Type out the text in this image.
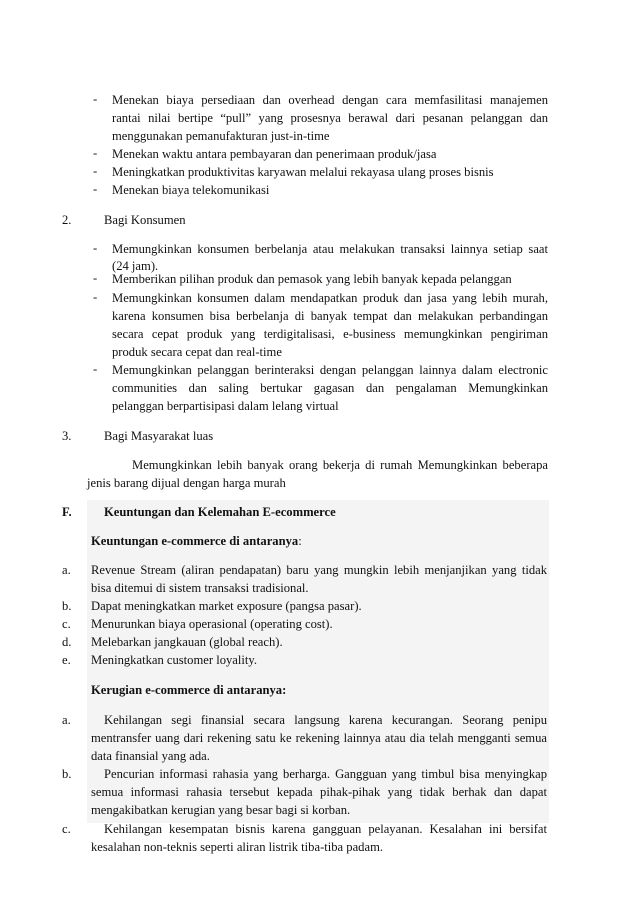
- Menekan biaya persediaan dan overhead dengan cara memfasilitasi manajemen
rantai nilai bertipe “pull” yang prosesnya berawal dari pesanan pelanggan dan
menggunakan pemanufakturan just-in-time
- Menekan waktu antara pembayaran dan penerimaan produk/jasa
- Meningkatkan produktivitas karyawan melalui rekayasa ulang proses bisnis
- Menekan biaya telekomunikasi
2.	Bagi Konsumen
- Memungkinkan konsumen berbelanja atau melakukan transaksi lainnya setiap saat
(24 jam).
- Memberikan pilihan produk dan pemasok yang lebih banyak kepada pelanggan
- Memungkinkan konsumen dalam mendapatkan produk dan jasa yang lebih murah,
karena konsumen bisa berbelanja di banyak tempat dan melakukan perbandingan
secara cepat produk yang terdigitalisasi, e-business memungkinkan pengiriman
produk secara cepat dan real-time
- Memungkinkan pelanggan berinteraksi dengan pelanggan lainnya dalam electronic
communities dan saling bertukar gagasan dan pengalaman Memungkinkan
pelanggan berpartisipasi dalam lelang virtual
3.	Bagi Masyarakat luas
Memungkinkan lebih banyak orang bekerja di rumah Memungkinkan beberapa
jenis barang dijual dengan harga murah
F.	Keuntungan dan Kelemahan E-ecommerce
Keuntungan e-commerce di antaranya:
a. Revenue Stream (aliran pendapatan) baru yang mungkin lebih menjanjikan yang tidak
bisa ditemui di sistem transaksi tradisional.
b. Dapat meningkatkan market exposure (pangsa pasar).
c. Menurunkan biaya operasional (operating cost).
d. Melebarkan jangkauan (global reach).
e. Meningkatkan customer loyality.
Kerugian e-commerce di antaranya:
a.	Kehilangan segi finansial secara langsung karena kecurangan. Seorang penipu
mentransfer uang dari rekening satu ke rekening lainnya atau dia telah mengganti semua
data finansial yang ada.
b.	Pencurian informasi rahasia yang berharga. Gangguan yang timbul bisa menyingkap
semua informasi rahasia tersebut kepada pihak-pihak yang tidak berhak dan dapat
mengakibatkan kerugian yang besar bagi si korban.
c.	Kehilangan kesempatan bisnis karena gangguan pelayanan. Kesalahan ini bersifat
kesalahan non-teknis seperti aliran listrik tiba-tiba padam.
